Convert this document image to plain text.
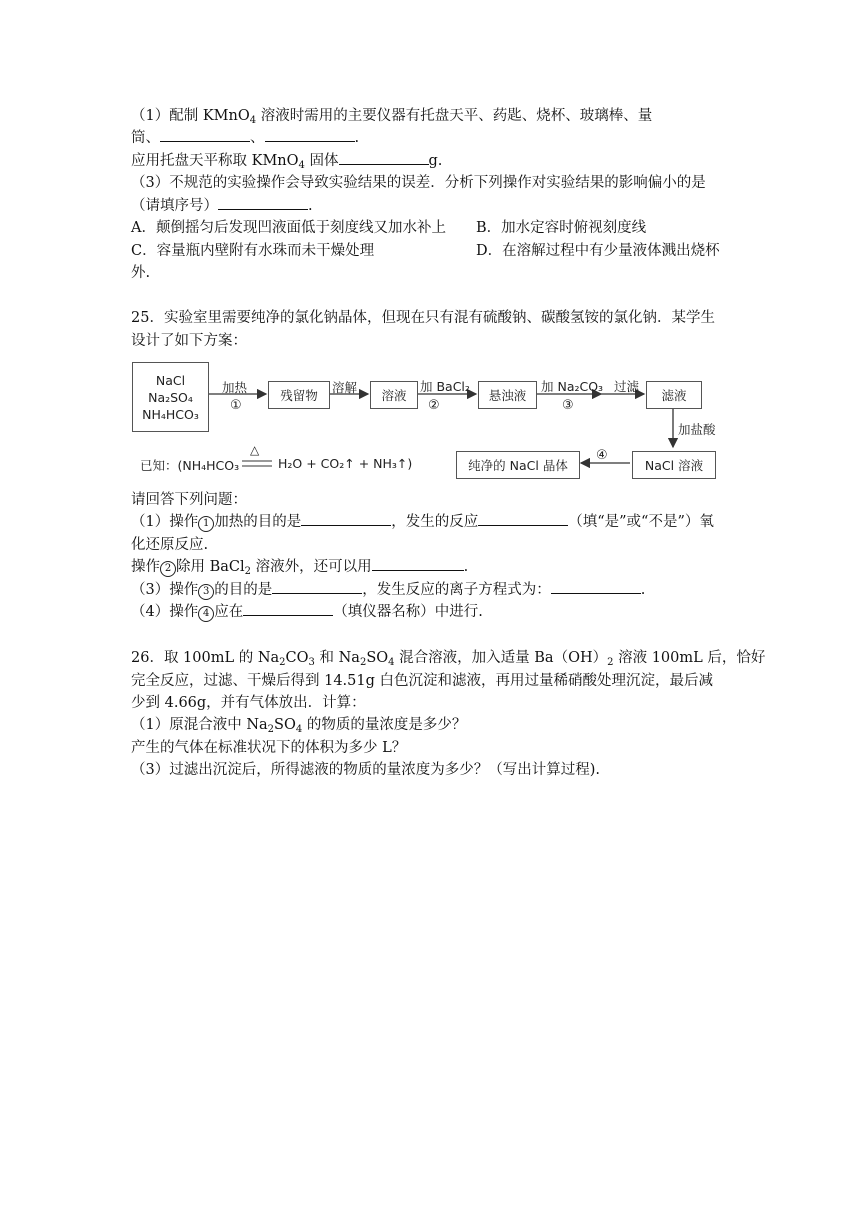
（1）配制 KMnO$_4$ 溶液时需用的主要仪器有托盘天平、药匙、烧杯、玻璃棒、量
筒、	、	.
应用托盘天平称取 KMnO$_4$ 固体	g.
（3）不规范的实验操作会导致实验结果的误差．分析下列操作对实验结果的影响偏小的是
（请填序号）	.
A．颠倒摇匀后发现凹液面低于刻度线又加水补上 B．加水定容时俯视刻度线
C．容量瓶内壁附有水珠而未干燥处理	D．在溶解过程中有少量液体溅出烧杯
外.
25．实验室里需要纯净的氯化钠晶体，但现在只有混有硫酸钠、碳酸氢铵的氯化钠．某学生
设计了如下方案：
NaCl
Na₂SO₄
NH₄HCO₃
加热
①
残留物
溶解
溶液
加 BaCl₂
②
悬浊液
加 Na₂CO₃
③
过滤
滤液
加盐酸
NaCl 溶液
④
纯净的 NaCl 晶体
已知：(NH₄HCO₃
△
H₂O + CO₂↑ + NH₃↑)
请回答下列问题：
（1）操作 1 加热的目的是	，发生的反应	（填“是”或“不是”）氧
化还原反应.
操作 2 除用 BaCl$_2$ 溶液外，还可以用	.
（3）操作 3 的目的是	，发生反应的离子方程式为：	.
（4）操作 4 应在	（填仪器名称）中进行.
26．取 100mL 的 $Na_2CO_3$ 和 $Na_2SO_4$ 混合溶液，加入适量 $Ba(OH)_2$ 溶液 100mL 后，恰好
完全反应，过滤、干燥后得到 14.51g 白色沉淀和滤液，再用过量稀硝酸处理沉淀，最后减
少到 4.66g，并有气体放出．计算：
（1）原混合液中 $Na_2SO_4$ 的物质的量浓度是多少？
产生的气体在标准状况下的体积为多少 L？
（3）过滤出沉淀后，所得滤液的物质的量浓度为多少？（写出计算过程).
